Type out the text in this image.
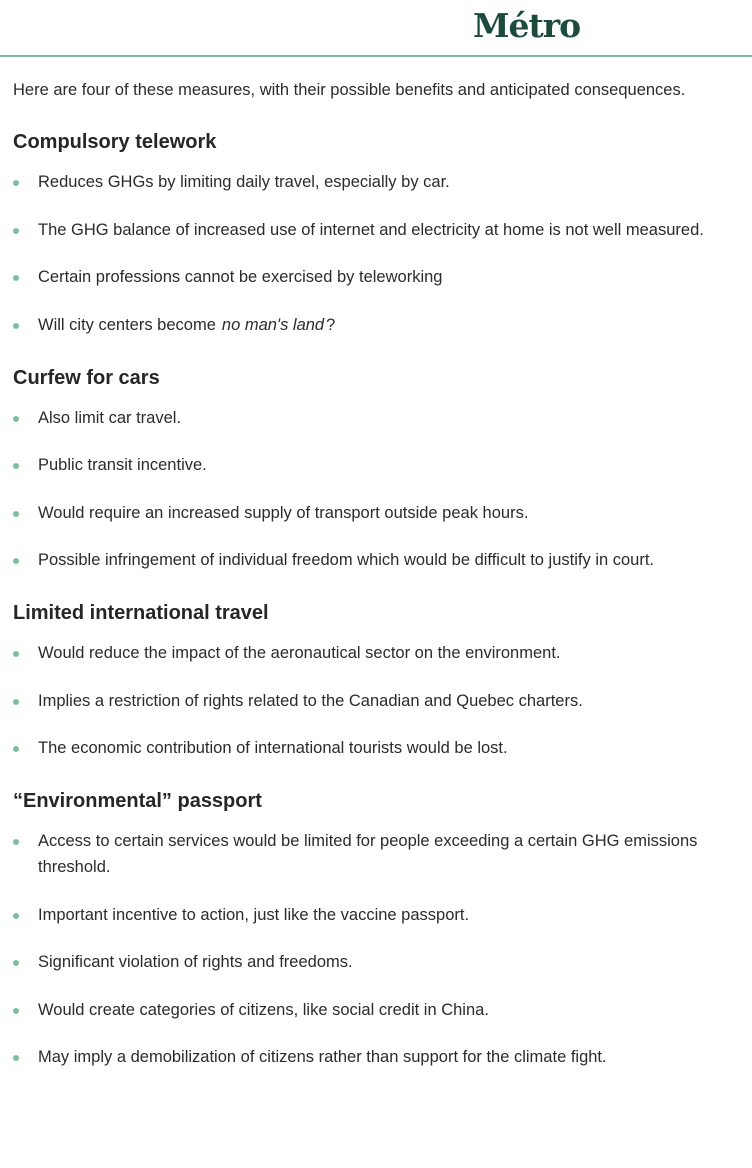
Métro

Here are four of these measures, with their possible benefits and anticipated consequences.

Compulsory telework
Reduces GHGs by limiting daily travel, especially by car.
The GHG balance of increased use of internet and electricity at home is not well measured.
Certain professions cannot be exercised by teleworking
Will city centers become no man's land ?
Curfew for cars
Also limit car travel.
Public transit incentive.
Would require an increased supply of transport outside peak hours.
Possible infringement of individual freedom which would be difficult to justify in court.
Limited international travel
Would reduce the impact of the aeronautical sector on the environment.
Implies a restriction of rights related to the Canadian and Quebec charters.
The economic contribution of international tourists would be lost.
“Environmental” passport
Access to certain services would be limited for people exceeding a certain GHG emissions threshold.
Important incentive to action, just like the vaccine passport.
Significant violation of rights and freedoms.
Would create categories of citizens, like social credit in China.
May imply a demobilization of citizens rather than support for the climate fight.
